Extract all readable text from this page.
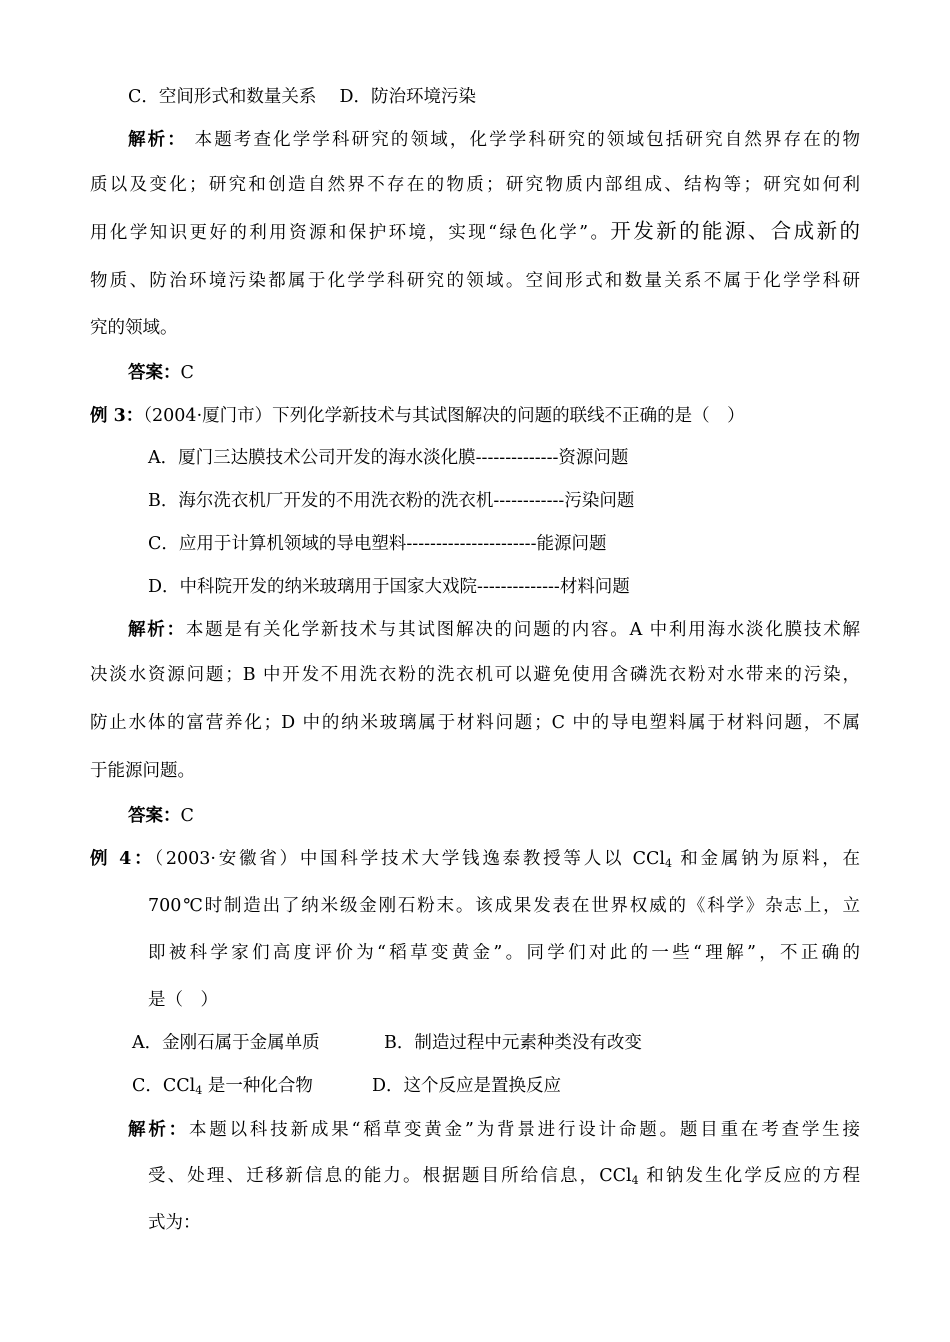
C．空间形式和数量关系　 D．防治环境污染
解析： 本题考查化学学科研究的领域，化学学科研究的领域包括研究自然界存在的物
质以及变化；研究和创造自然界不存在的物质；研究物质内部组成、结构等；研究如何利
用化学知识更好的利用资源和保护环境，实现“绿色化学”。开发新的能源、合成新的
物质、防治环境污染都属于化学学科研究的领域。空间形式和数量关系不属于化学学科研
究的领域。
答案：C
例 3：（2004·厦门市）下列化学新技术与其试图解决的问题的联线不正确的是（　）
A．厦门三达膜技术公司开发的海水淡化膜--------------资源问题
B．海尔洗衣机厂开发的不用洗衣粉的洗衣机------------污染问题
C．应用于计算机领域的导电塑料----------------------能源问题
D．中科院开发的纳米玻璃用于国家大戏院--------------材料问题
解析：本题是有关化学新技术与其试图解决的问题的内容。A 中利用海水淡化膜技术解
决淡水资源问题；B 中开发不用洗衣粉的洗衣机可以避免使用含磷洗衣粉对水带来的污染，
防止水体的富营养化；D 中的纳米玻璃属于材料问题；C 中的导电塑料属于材料问题，不属
于能源问题。
答案：C
例 4：（2003·安徽省）中国科学技术大学钱逸泰教授等人以 CCl$_4$ 和金属钠为原料，在
700℃时制造出了纳米级金刚石粉末。该成果发表在世界权威的《科学》杂志上，立
即被科学家们高度评价为“稻草变黄金”。同学们对此的一些“理解”，不正确的
是（　）
A．金刚石属于金属单质	B．制造过程中元素种类没有改变
C．CCl$_4$ 是一种化合物	D．这个反应是置换反应
解析：本题以科技新成果“稻草变黄金”为背景进行设计命题。题目重在考查学生接
受、处理、迁移新信息的能力。根据题目所给信息，CCl$_4$ 和钠发生化学反应的方程
式为：
